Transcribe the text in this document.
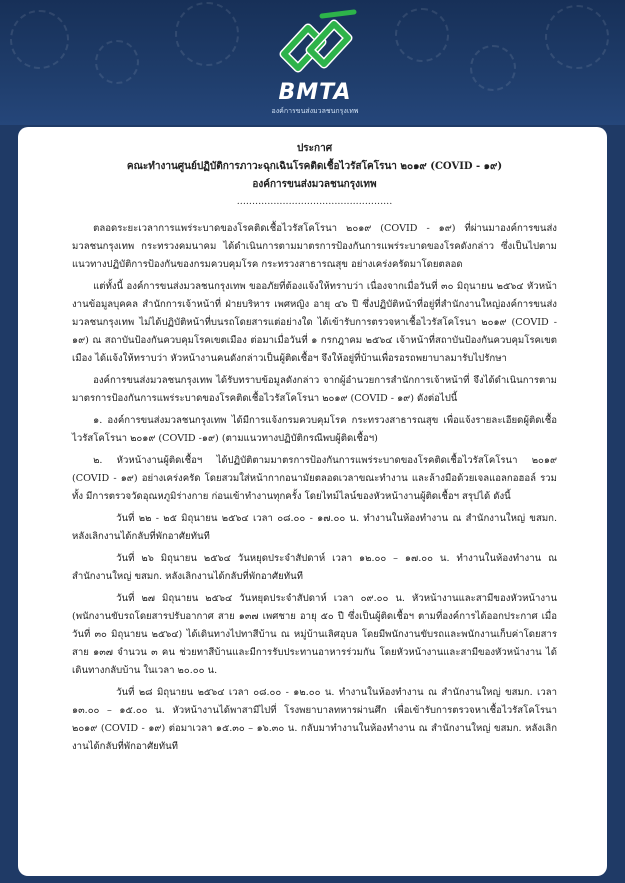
BMTA
องค์การขนส่งมวลชนกรุงเทพ
ประกาศ
คณะทำงานศูนย์ปฏิบัติการภาวะฉุกเฉินโรคติดเชื้อไวรัสโคโรนา ๒๐๑๙ (COVID - ๑๙)
องค์การขนส่งมวลชนกรุงเทพ
...................................................

ตลอดระยะเวลาการแพร่ระบาดของโรคติดเชื้อไวรัสโคโรนา ๒๐๑๙ (COVID - ๑๙) ที่ผ่านมาองค์การขนส่งมวลชนกรุงเทพ กระทรวงคมนาคม ได้ดำเนินการตามมาตรการป้องกันการแพร่ระบาดของโรคดังกล่าว ซึ่งเป็นไปตามแนวทางปฏิบัติการป้องกันของกรมควบคุมโรค กระทรวงสาธารณสุข อย่างเคร่งครัดมาโดยตลอด

แต่ทั้งนี้ องค์การขนส่งมวลชนกรุงเทพ ขออภัยที่ต้องแจ้งให้ทราบว่า เนื่องจากเมื่อวันที่ ๓๐ มิถุนายน ๒๕๖๔ หัวหน้างานข้อมูลบุคคล สำนักการเจ้าหน้าที่ ฝ่ายบริหาร เพศหญิง อายุ ๔๖ ปี ซึ่งปฏิบัติหน้าที่อยู่ที่สำนักงานใหญ่องค์การขนส่งมวลชนกรุงเทพ ไม่ได้ปฏิบัติหน้าที่บนรถโดยสารแต่อย่างใด ได้เข้ารับการตรวจหาเชื้อไวรัสโคโรนา ๒๐๑๙ (COVID - ๑๙) ณ สถาบันป้องกันควบคุมโรคเขตเมือง ต่อมาเมื่อวันที่ ๑ กรกฎาคม ๒๕๖๔ เจ้าหน้าที่สถาบันป้องกันควบคุมโรคเขตเมือง ได้แจ้งให้ทราบว่า หัวหน้างานคนดังกล่าวเป็นผู้ติดเชื้อฯ จึงให้อยู่ที่บ้านเพื่อรอรถพยาบาลมารับไปรักษา

องค์การขนส่งมวลชนกรุงเทพ ได้รับทราบข้อมูลดังกล่าว จากผู้อำนวยการสำนักการเจ้าหน้าที่ จึงได้ดำเนินการตามมาตรการป้องกันการแพร่ระบาดของโรคติดเชื้อไวรัสโคโรนา ๒๐๑๙ (COVID - ๑๙) ดังต่อไปนี้

๑. องค์การขนส่งมวลชนกรุงเทพ ได้มีการแจ้งกรมควบคุมโรค กระทรวงสาธารณสุข เพื่อแจ้งรายละเอียดผู้ติดเชื้อไวรัสโคโรนา ๒๐๑๙ (COVID -๑๙) (ตามแนวทางปฏิบัติกรณีพบผู้ติดเชื้อฯ)

๒. หัวหน้างานผู้ติดเชื้อฯ ได้ปฏิบัติตามมาตรการป้องกันการแพร่ระบาดของโรคติดเชื้อไวรัสโคโรนา ๒๐๑๙ (COVID - ๑๙) อย่างเคร่งครัด โดยสวมใส่หน้ากากอนามัยตลอดเวลาขณะทำงาน และล้างมือด้วยเจลแอลกอฮอล์ รวมทั้ง มีการตรวจวัดอุณหภูมิร่างกาย ก่อนเข้าทำงานทุกครั้ง โดยไทม์ไลน์ของหัวหน้างานผู้ติดเชื้อฯ สรุปได้ ดังนี้

วันที่ ๒๒ - ๒๕ มิถุนายน ๒๕๖๔ เวลา ๐๘.๐๐ - ๑๗.๐๐ น. ทำงานในห้องทำงาน ณ สำนักงานใหญ่ ขสมก. หลังเลิกงานได้กลับที่พักอาศัยทันที

วันที่ ๒๖ มิถุนายน ๒๕๖๔ วันหยุดประจำสัปดาห์ เวลา ๑๒.๐๐ – ๑๗.๐๐ น. ทำงานในห้องทำงาน ณ สำนักงานใหญ่ ขสมก. หลังเลิกงานได้กลับที่พักอาศัยทันที

วันที่ ๒๗ มิถุนายน ๒๕๖๔ วันหยุดประจำสัปดาห์ เวลา ๐๙.๐๐ น. หัวหน้างานและสามีของหัวหน้างาน (พนักงานขับรถโดยสารปรับอากาศ สาย ๑๓๗ เพศชาย อายุ ๕๐ ปี ซึ่งเป็นผู้ติดเชื้อฯ ตามที่องค์การได้ออกประกาศ เมื่อวันที่ ๓๐ มิถุนายน ๒๕๖๔) ได้เดินทางไปทาสีบ้าน ณ หมู่บ้านเลิศอุบล โดยมีพนักงานขับรถและพนักงานเก็บค่าโดยสาร สาย ๑๓๗ จำนวน ๓ คน ช่วยทาสีบ้านและมีการรับประทานอาหารร่วมกัน โดยหัวหน้างานและสามีของหัวหน้างาน ได้เดินทางกลับบ้าน ในเวลา ๒๐.๐๐ น.

วันที่ ๒๘ มิถุนายน ๒๕๖๔ เวลา ๐๘.๐๐ - ๑๒.๐๐ น. ทำงานในห้องทำงาน ณ สำนักงานใหญ่ ขสมก. เวลา ๑๓.๐๐ – ๑๕.๐๐ น. หัวหน้างานได้พาสามีไปที่ โรงพยาบาลทหารผ่านศึก เพื่อเข้ารับการตรวจหาเชื้อไวรัสโคโรนา ๒๐๑๙ (COVID - ๑๙) ต่อมาเวลา ๑๕.๓๐ – ๑๖.๓๐ น. กลับมาทำงานในห้องทำงาน ณ สำนักงานใหญ่ ขสมก. หลังเลิกงานได้กลับที่พักอาศัยทันที
